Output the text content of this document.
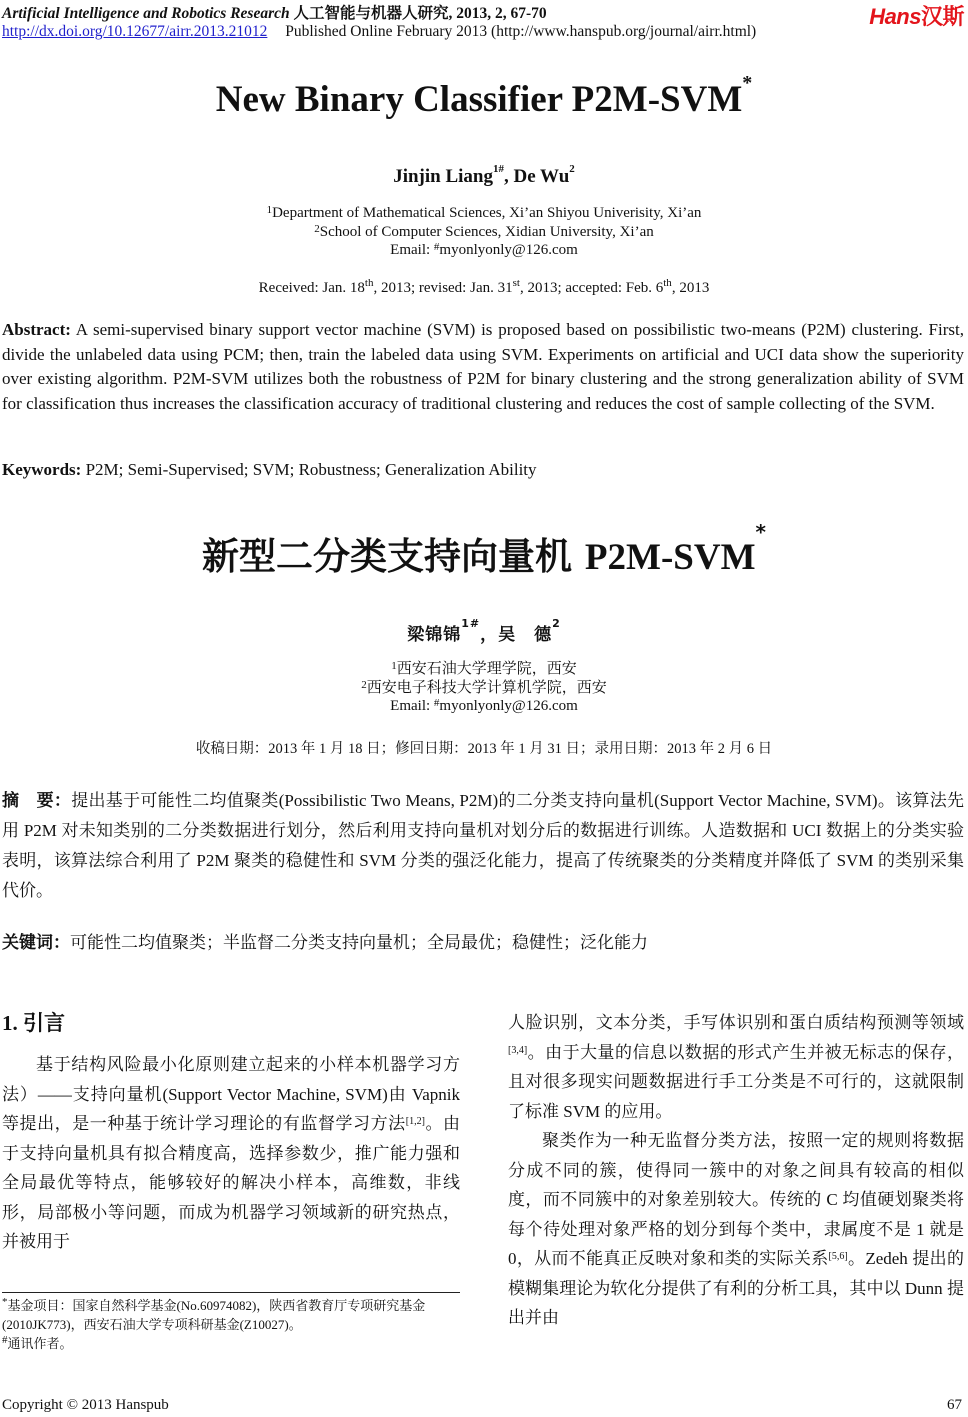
Artificial Intelligence and Robotics Research 人工智能与机器人研究, 2013, 2, 67-70
http://dx.doi.org/10.12677/airr.2013.21012 Published Online February 2013 (http://www.hanspub.org/journal/airr.html)
Hans汉斯
New Binary Classifier P2M-SVM*
Jinjin Liang$^{1\#}$, De Wu$^2$
$^1$Department of Mathematical Sciences, Xi’an Shiyou Univerisity, Xi’an
$^2$School of Computer Sciences, Xidian University, Xi’an
Email: #myonlyonly@126.com
Received: Jan. 18th, 2013; revised: Jan. 31st, 2013; accepted: Feb. 6th, 2013
Abstract: A semi-supervised binary support vector machine (SVM) is proposed based on possibilistic two-means (P2M) clustering. First, divide the unlabeled data using PCM; then, train the labeled data using SVM. Experiments on artificial and UCI data show the superiority over existing algorithm. P2M-SVM utilizes both the robustness of P2M for binary clustering and the strong generalization ability of SVM for classification thus increases the classification accuracy of traditional clustering and reduces the cost of sample collecting of the SVM.
Keywords: P2M; Semi-Supervised; SVM; Robustness; Generalization Ability
新型二分类支持向量机 P2M-SVM*
梁锦锦$^{1\#}$，吴　德$^2$
$^1$西安石油大学理学院，西安
$^2$西安电子科技大学计算机学院，西安
Email: #myonlyonly@126.com
收稿日期：2013 年 1 月 18 日；修回日期：2013 年 1 月 31 日；录用日期：2013 年 2 月 6 日
摘　要：提出基于可能性二均值聚类(Possibilistic Two Means, P2M)的二分类支持向量机(Support Vector Machine, SVM)。该算法先用 P2M 对未知类别的二分类数据进行划分，然后利用支持向量机对划分后的数据进行训练。人造数据和 UCI 数据上的分类实验表明，该算法综合利用了 P2M 聚类的稳健性和 SVM 分类的强泛化能力，提高了传统聚类的分类精度并降低了 SVM 的类别采集代价。
关键词：可能性二均值聚类；半监督二分类支持向量机；全局最优；稳健性；泛化能力
1. 引言
基于结构风险最小化原则建立起来的小样本机器学习方法）——支持向量机(Support Vector Machine, SVM)由 Vapnik 等提出，是一种基于统计学习理论的有监督学习方法[1,2]。由于支持向量机具有拟合精度高，选择参数少，推广能力强和全局最优等特点，能够较好的解决小样本，高维数，非线形，局部极小等问题，而成为机器学习领域新的研究热点，并被用于
人脸识别，文本分类，手写体识别和蛋白质结构预测等领域[3,4]。由于大量的信息以数据的形式产生并被无标志的保存，且对很多现实问题数据进行手工分类是不可行的，这就限制了标准 SVM 的应用。
聚类作为一种无监督分类方法，按照一定的规则将数据分成不同的簇，使得同一簇中的对象之间具有较高的相似度，而不同簇中的对象差别较大。传统的 C 均值硬划聚类将每个待处理对象严格的划分到每个类中，隶属度不是 1 就是 0，从而不能真正反映对象和类的实际关系[5,6]。Zedeh 提出的模糊集理论为软化分提供了有利的分析工具，其中以 Dunn 提出并由
*基金项目：国家自然科学基金(No.60974082)，陕西省教育厅专项研究基金(2010JK773)，西安石油大学专项科研基金(Z10027)。
#通讯作者。
Copyright © 2013 Hanspub	67
